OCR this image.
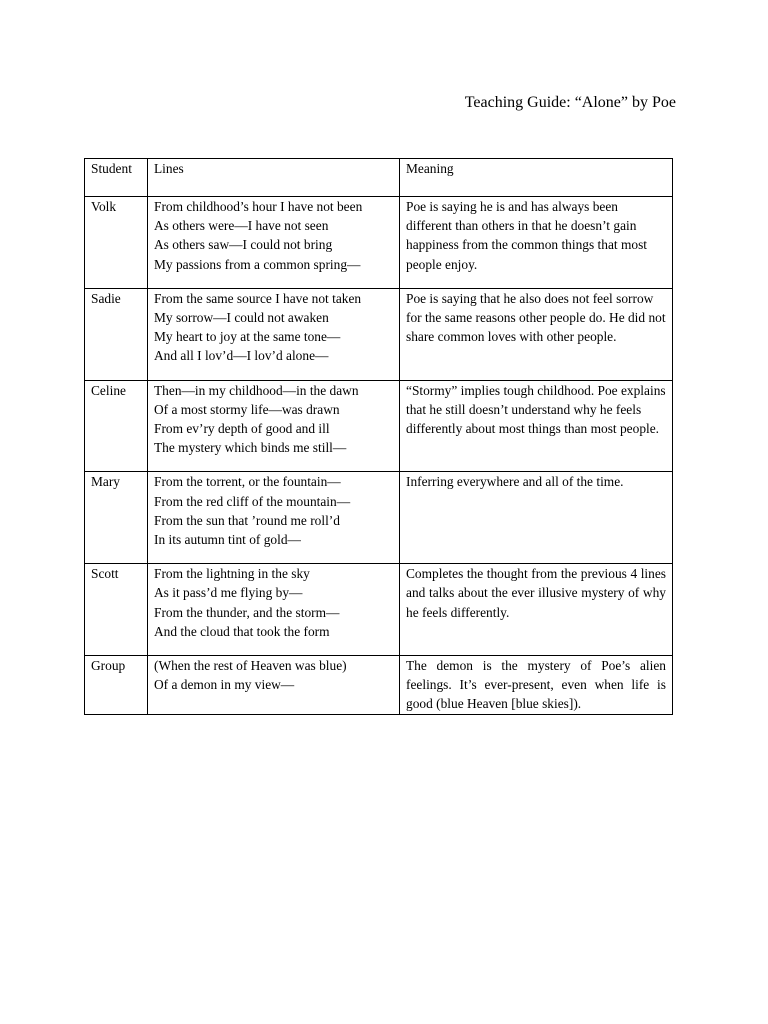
Teaching Guide: “Alone” by Poe
Student	Lines	Meaning
Volk	From childhood’s hour I have not been
As others were—I have not seen
As others saw—I could not bring
My passions from a common spring—	Poe is saying he is and has always been different than others in that he doesn’t gain happiness from the common things that most people enjoy.

Sadie	From the same source I have not taken
My sorrow—I could not awaken
My heart to joy at the same tone—
And all I lov’d—I lov’d alone—	Poe is saying that he also does not feel sorrow for the same reasons other people do. He did not share common loves with other people.

Celine	Then—in my childhood—in the dawn
Of a most stormy life—was drawn
From ev’ry depth of good and ill
The mystery which binds me still—	“Stormy” implies tough childhood. Poe explains that he still doesn’t understand why he feels differently about most things than most people.

Mary	From the torrent, or the fountain—
From the red cliff of the mountain—
From the sun that ’round me roll’d
In its autumn tint of gold—	Inferring everywhere and all of the time.

Scott	From the lightning in the sky
As it pass’d me flying by—
From the thunder, and the storm—
And the cloud that took the form	Completes the thought from the previous 4 lines and talks about the ever illusive mystery of why he feels differently.

Group	(When the rest of Heaven was blue)
Of a demon in my view—	The demon is the mystery of Poe’s alien feelings. It’s ever-present, even when life is good (blue Heaven [blue skies]).
